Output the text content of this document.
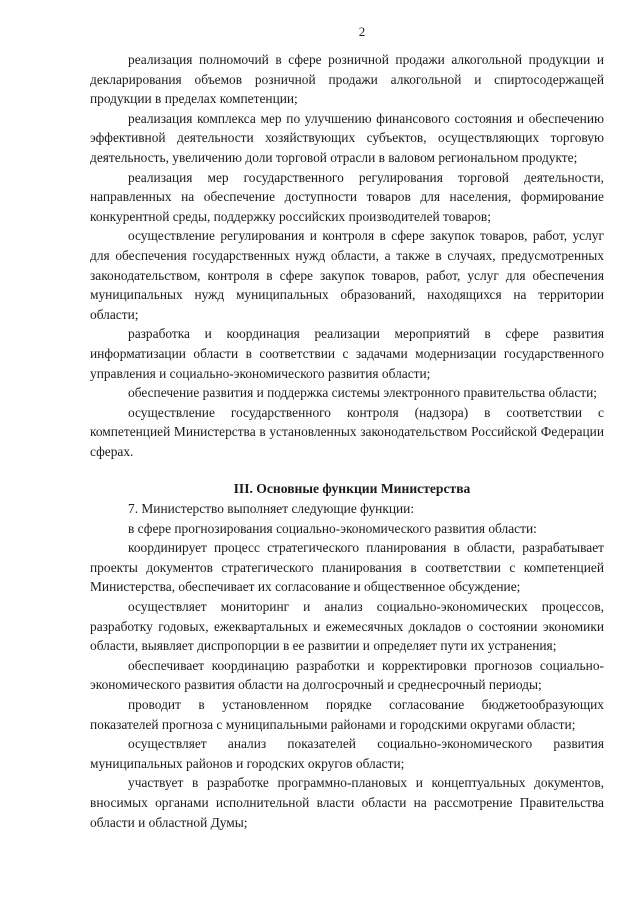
2

реализация полномочий в сфере розничной продажи алкогольной продукции и декларирования объемов розничной продажи алкогольной и спиртосодержащей продукции в пределах компетенции;

реализация комплекса мер по улучшению финансового состояния и обеспечению эффективной деятельности хозяйствующих субъектов, осуществляющих торговую деятельность, увеличению доли торговой отрасли в валовом региональном продукте;

реализация мер государственного регулирования торговой деятельности, направленных на обеспечение доступности товаров для населения, формирование конкурентной среды, поддержку российских производителей товаров;

осуществление регулирования и контроля в сфере закупок товаров, работ, услуг для обеспечения государственных нужд области, а также в случаях, предусмотренных законодательством, контроля в сфере закупок товаров, работ, услуг для обеспечения муниципальных нужд муниципальных образований, находящихся на территории области;

разработка и координация реализации мероприятий в сфере развития информатизации области в соответствии с задачами модернизации государственного управления и социально-экономического развития области;

обеспечение развития и поддержка системы электронного правительства области;

осуществление государственного контроля (надзора) в соответствии с компетенцией Министерства в установленных законодательством Российской Федерации сферах.

III. Основные функции Министерства

7. Министерство выполняет следующие функции:

в сфере прогнозирования социально-экономического развития области:

координирует процесс стратегического планирования в области, разрабатывает проекты документов стратегического планирования в соответствии с компетенцией Министерства, обеспечивает их согласование и общественное обсуждение;

осуществляет мониторинг и анализ социально-экономических процессов, разработку годовых, ежеквартальных и ежемесячных докладов о состоянии экономики области, выявляет диспропорции в ее развитии и определяет пути их устранения;

обеспечивает координацию разработки и корректировки прогнозов социально-экономического развития области на долгосрочный и среднесрочный периоды;

проводит в установленном порядке согласование бюджетообразующих показателей прогноза с муниципальными районами и городскими округами области;

осуществляет анализ показателей социально-экономического развития муниципальных районов и городских округов области;

участвует в разработке программно-плановых и концептуальных документов, вносимых органами исполнительной власти области на рассмотрение Правительства области и областной Думы;
